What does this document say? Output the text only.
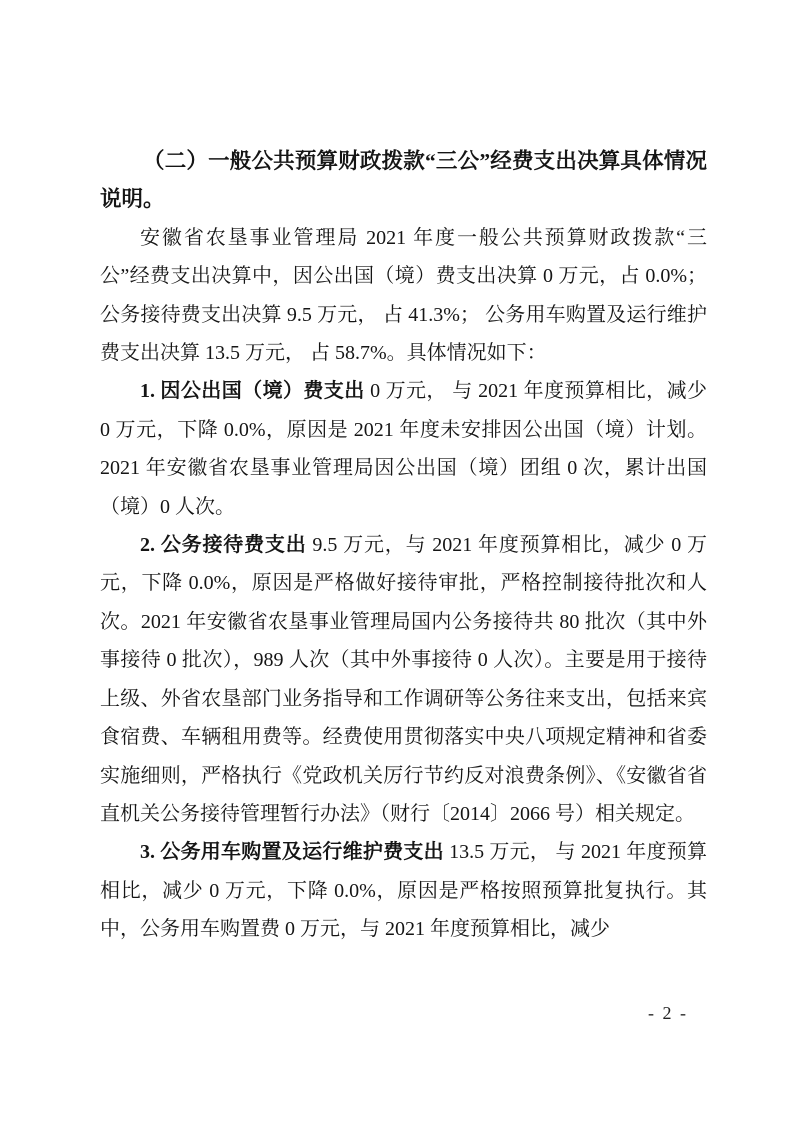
（二）一般公共预算财政拨款“三公”经费支出决算具体情况说明。

安徽省农垦事业管理局 2021 年度一般公共预算财政拨款“三公”经费支出决算中，因公出国（境）费支出决算 0 万元，占 0.0%；公务接待费支出决算 9.5 万元， 占 41.3%； 公务用车购置及运行维护费支出决算 13.5 万元， 占 58.7%。具体情况如下：

1. 因公出国（境）费支出 0 万元， 与 2021 年度预算相比，减少 0 万元，下降 0.0%，原因是 2021 年度未安排因公出国（境）计划。2021 年安徽省农垦事业管理局因公出国（境）团组 0 次，累计出国（境）0 人次。

2. 公务接待费支出 9.5 万元，与 2021 年度预算相比，减少 0 万元，下降 0.0%，原因是严格做好接待审批，严格控制接待批次和人次。2021 年安徽省农垦事业管理局国内公务接待共 80 批次（其中外事接待 0 批次），989 人次（其中外事接待 0 人次）。主要是用于接待上级、外省农垦部门业务指导和工作调研等公务往来支出，包括来宾食宿费、车辆租用费等。经费使用贯彻落实中央八项规定精神和省委实施细则，严格执行《党政机关厉行节约反对浪费条例》、《安徽省省直机关公务接待管理暂行办法》（财行〔2014〕2066 号）相关规定。

3. 公务用车购置及运行维护费支出 13.5 万元， 与 2021 年度预算相比，减少 0 万元，下降 0.0%，原因是严格按照预算批复执行。其中，公务用车购置费 0 万元，与 2021 年度预算相比，减少

- 2 -
